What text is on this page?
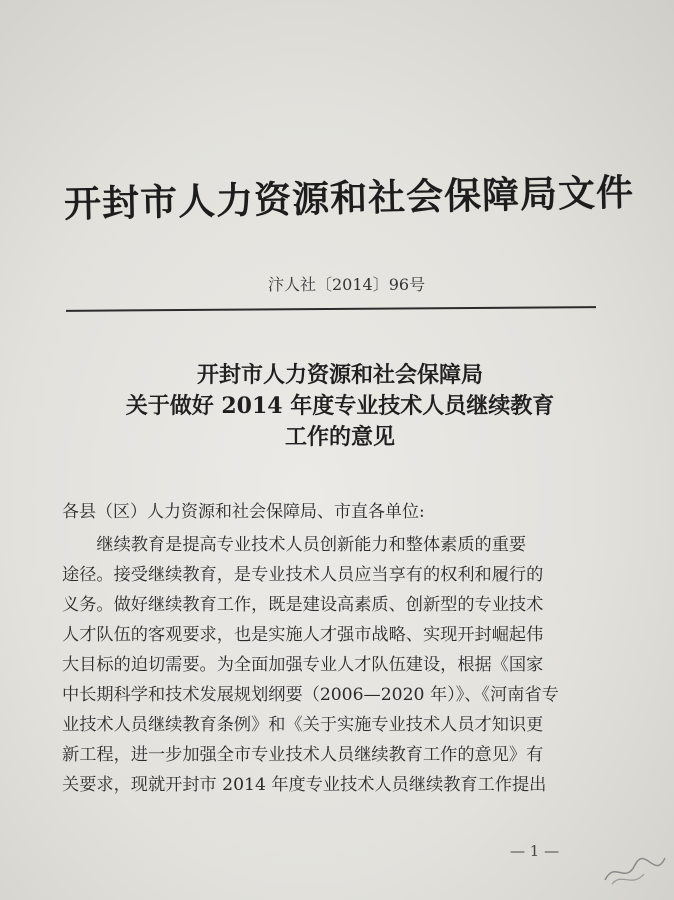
开封市人力资源和社会保障局文件
汴人社〔2014〕96号
开封市人力资源和社会保障局
关于做好 2014 年度专业技术人员继续教育
工作的意见
各县（区）人力资源和社会保障局、市直各单位:
　　继续教育是提高专业技术人员创新能力和整体素质的重要
途径。接受继续教育，是专业技术人员应当享有的权利和履行的
义务。做好继续教育工作，既是建设高素质、创新型的专业技术
人才队伍的客观要求，也是实施人才强市战略、实现开封崛起伟
大目标的迫切需要。为全面加强专业人才队伍建设，根据《国家
中长期科学和技术发展规划纲要（2006—2020 年）》、《河南省专
业技术人员继续教育条例》和《关于实施专业技术人员才知识更
新工程，进一步加强全市专业技术人员继续教育工作的意见》有
关要求，现就开封市 2014 年度专业技术人员继续教育工作提出
— 1 —
